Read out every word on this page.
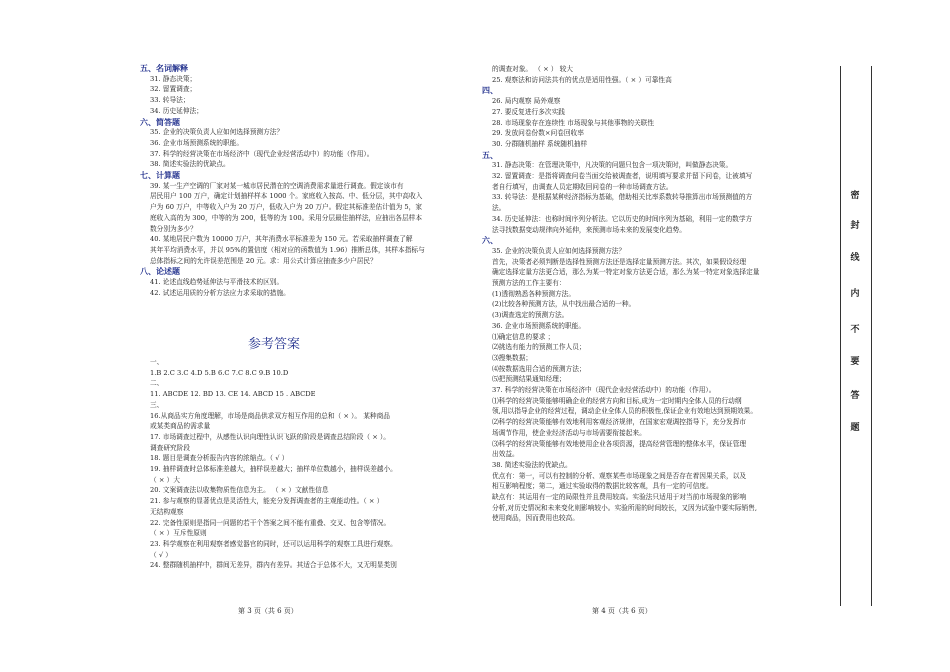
参考答案
五、名词解释
31. 静态决策；
32. 留置调查；
33. 转导法；
34. 历史延伸法；
六、简答题
35. 企业的决策负责人应如何选择预测方法？
36. 企业市场预测系统的职能。
37. 科学的经营决策在市场经济中（现代企业经营活动中）的功能（作用）。
38. 简述实验法的优缺点。
七、计算题
39. 某一生产空调的厂家对某一城市居民潜在的空调消费需求量进行调查。假定该市有
居民用户 100 万户，确定计划抽样样本 1000 个。家庭收入按高、中、低分层，其中高收入
户为 60 万户，中等收入户为 20 万户，低收入户为 20 万户。假定其标准差估计值为 5，家
庭收入高的为 300，中等的为 200，低等的为 100。采用分层最佳抽样法，应抽出各层样本
数分别为多少？
40. 某地居民户数为 10000 万户，其年消费水平标准差为 150 元。若采取抽样调查了解
其年平均消费水平，并以 95%的置信度（相对应的函数值为 1.96）推断总体，其样本指标与
总体指标之间的允许误差范围是 20 元。求：用公式计算应抽查多少户居民？
八、论述题
41. 论述直线趋势延伸法与平滑技术的区别。
42. 试述运用质的分析方法应力求采取的措施。
一、
1.B 2.C 3.C 4.D 5.B 6.C 7.C 8.C 9.B 10.D
二、
11. ABCDE 12. BD 13. CE 14. ABCD 15 . ABCDE
三、
16.从商品实方角度理解，市场是商品供求双方相互作用的总和（ × ）。 某种商品
或某类商品的需求量
17. 市场调查过程中，从感性认识向理性认识飞跃的阶段是调查总结阶段（ × ）。
调查研究阶段
18. 题目是调查分析报告内容的浓缩点。（ √ ）
19. 抽样调查时总体标准差越大，抽样误差越大；抽样单位数越小，抽样误差越小。
（ × ）大
20. 文案调查法以收集物质性信息为主。 （ × ）文献性信息
21. 参与观察的显著优点是灵活性大，能充分发挥调查者的主观能动性。（ × ）
无结构观察
22. 完备性原则是指同一问题的若干个答案之间不能有重叠、交叉、包含等情况。
（ × ）互斥性原则
23. 科学观察在利用观察者感觉器官的同时，还可以运用科学的观察工具进行观察。
（ √ ）
24. 整群随机抽样中，群间无差异，群内有差异。其适合于总体不大，又无明显类别
的调查对象。 （ × ） 较大
25. 观察法和访问法共有的优点是适用性强。（ × ）可靠性高
四、
26. 局内观察 局外观察
27. 要反复进行多次实践
28. 市场现象存在连续性 市场现象与其他事物的关联性
29. 发放问卷份数×问卷回收率
30. 分群随机抽样 系统随机抽样
五、
31. 静态决策：在管理决策中，凡决策的问题只包含一项决策时，叫做静态决策。
32. 留置调查：是指将调查问卷当面交给被调查者，说明填写要求并留下问卷，让被填写
者自行填写，由调查人员定期收回问卷的一种市场调查方法。
33. 转导法：是根据某种经济指标为基础，借助相关比率系数转导推算出市场预测值的方
法。
34. 历史延伸法：也称时间序列分析法。它以历史的时间序列为基础，利用一定的数学方
法寻找数据变动规律向外延伸，来预测市场未来的发展变化趋势。
六、
35. 企业的决策负责人应如何选择预测方法？
首先，决策者必须判断是选择性预测方法还是选择定量预测方法。其次，如果假设经理
确定选择定量方法更合适，那么为某一特定对象方法更合适，那么为某一特定对象选择定量
预测方法的工作主要有：
(1)透彻熟悉各种预测方法。
(2)比较各种预测方法，从中找出最合适的一种。
(3)调查选定的预测方法。
36. 企业市场预测系统的职能。
⑴确定信息的要求 ；
⑵挑选有能力的预测工作人员；
⑶搜集数据；
⑷按数据选用合适的预测方法；
⑸把预测结果通知经理；
37. 科学的经营决策在市场经济中（现代企业经营活动中）的功能（作用）。
⑴科学的经营决策能够明确企业的经营方向和目标,成为一定时期内全体人员的行动纲
领,用以指导企业的经营过程，调动企业全体人员的积极性,保证企业有效地达到预期效果。
⑵科学的经营决策能够有效地利用客观经济规律，在国家宏观调控指导下，充分发挥市
场调节作用，使企业经济活动与市场需要衔接起来。
⑶科学的经营决策能够有效地使用企业各项资源，提高经营管理的整体水平，保证管理
出效益。
38. 简述实验法的优缺点。
优点有：第一，可以有控制的分析、观察某些市场现象之间是否存在着因果关系，以及
相互影响程度；第二，通过实验取得的数据比较客观，具有一定的可信度。
缺点有：其运用有一定的局限性并且费用较高。实验法只适用于对当前市场现象的影响
分析,对历史情况和未来变化则影响较小。实验所需的时间较长，又因为试验中要实际销售,
使用商品，因而费用也较高。
第 3 页（共 6 页）	第 4 页（共 6 页）
密
封
线
内
不
要
答
题
